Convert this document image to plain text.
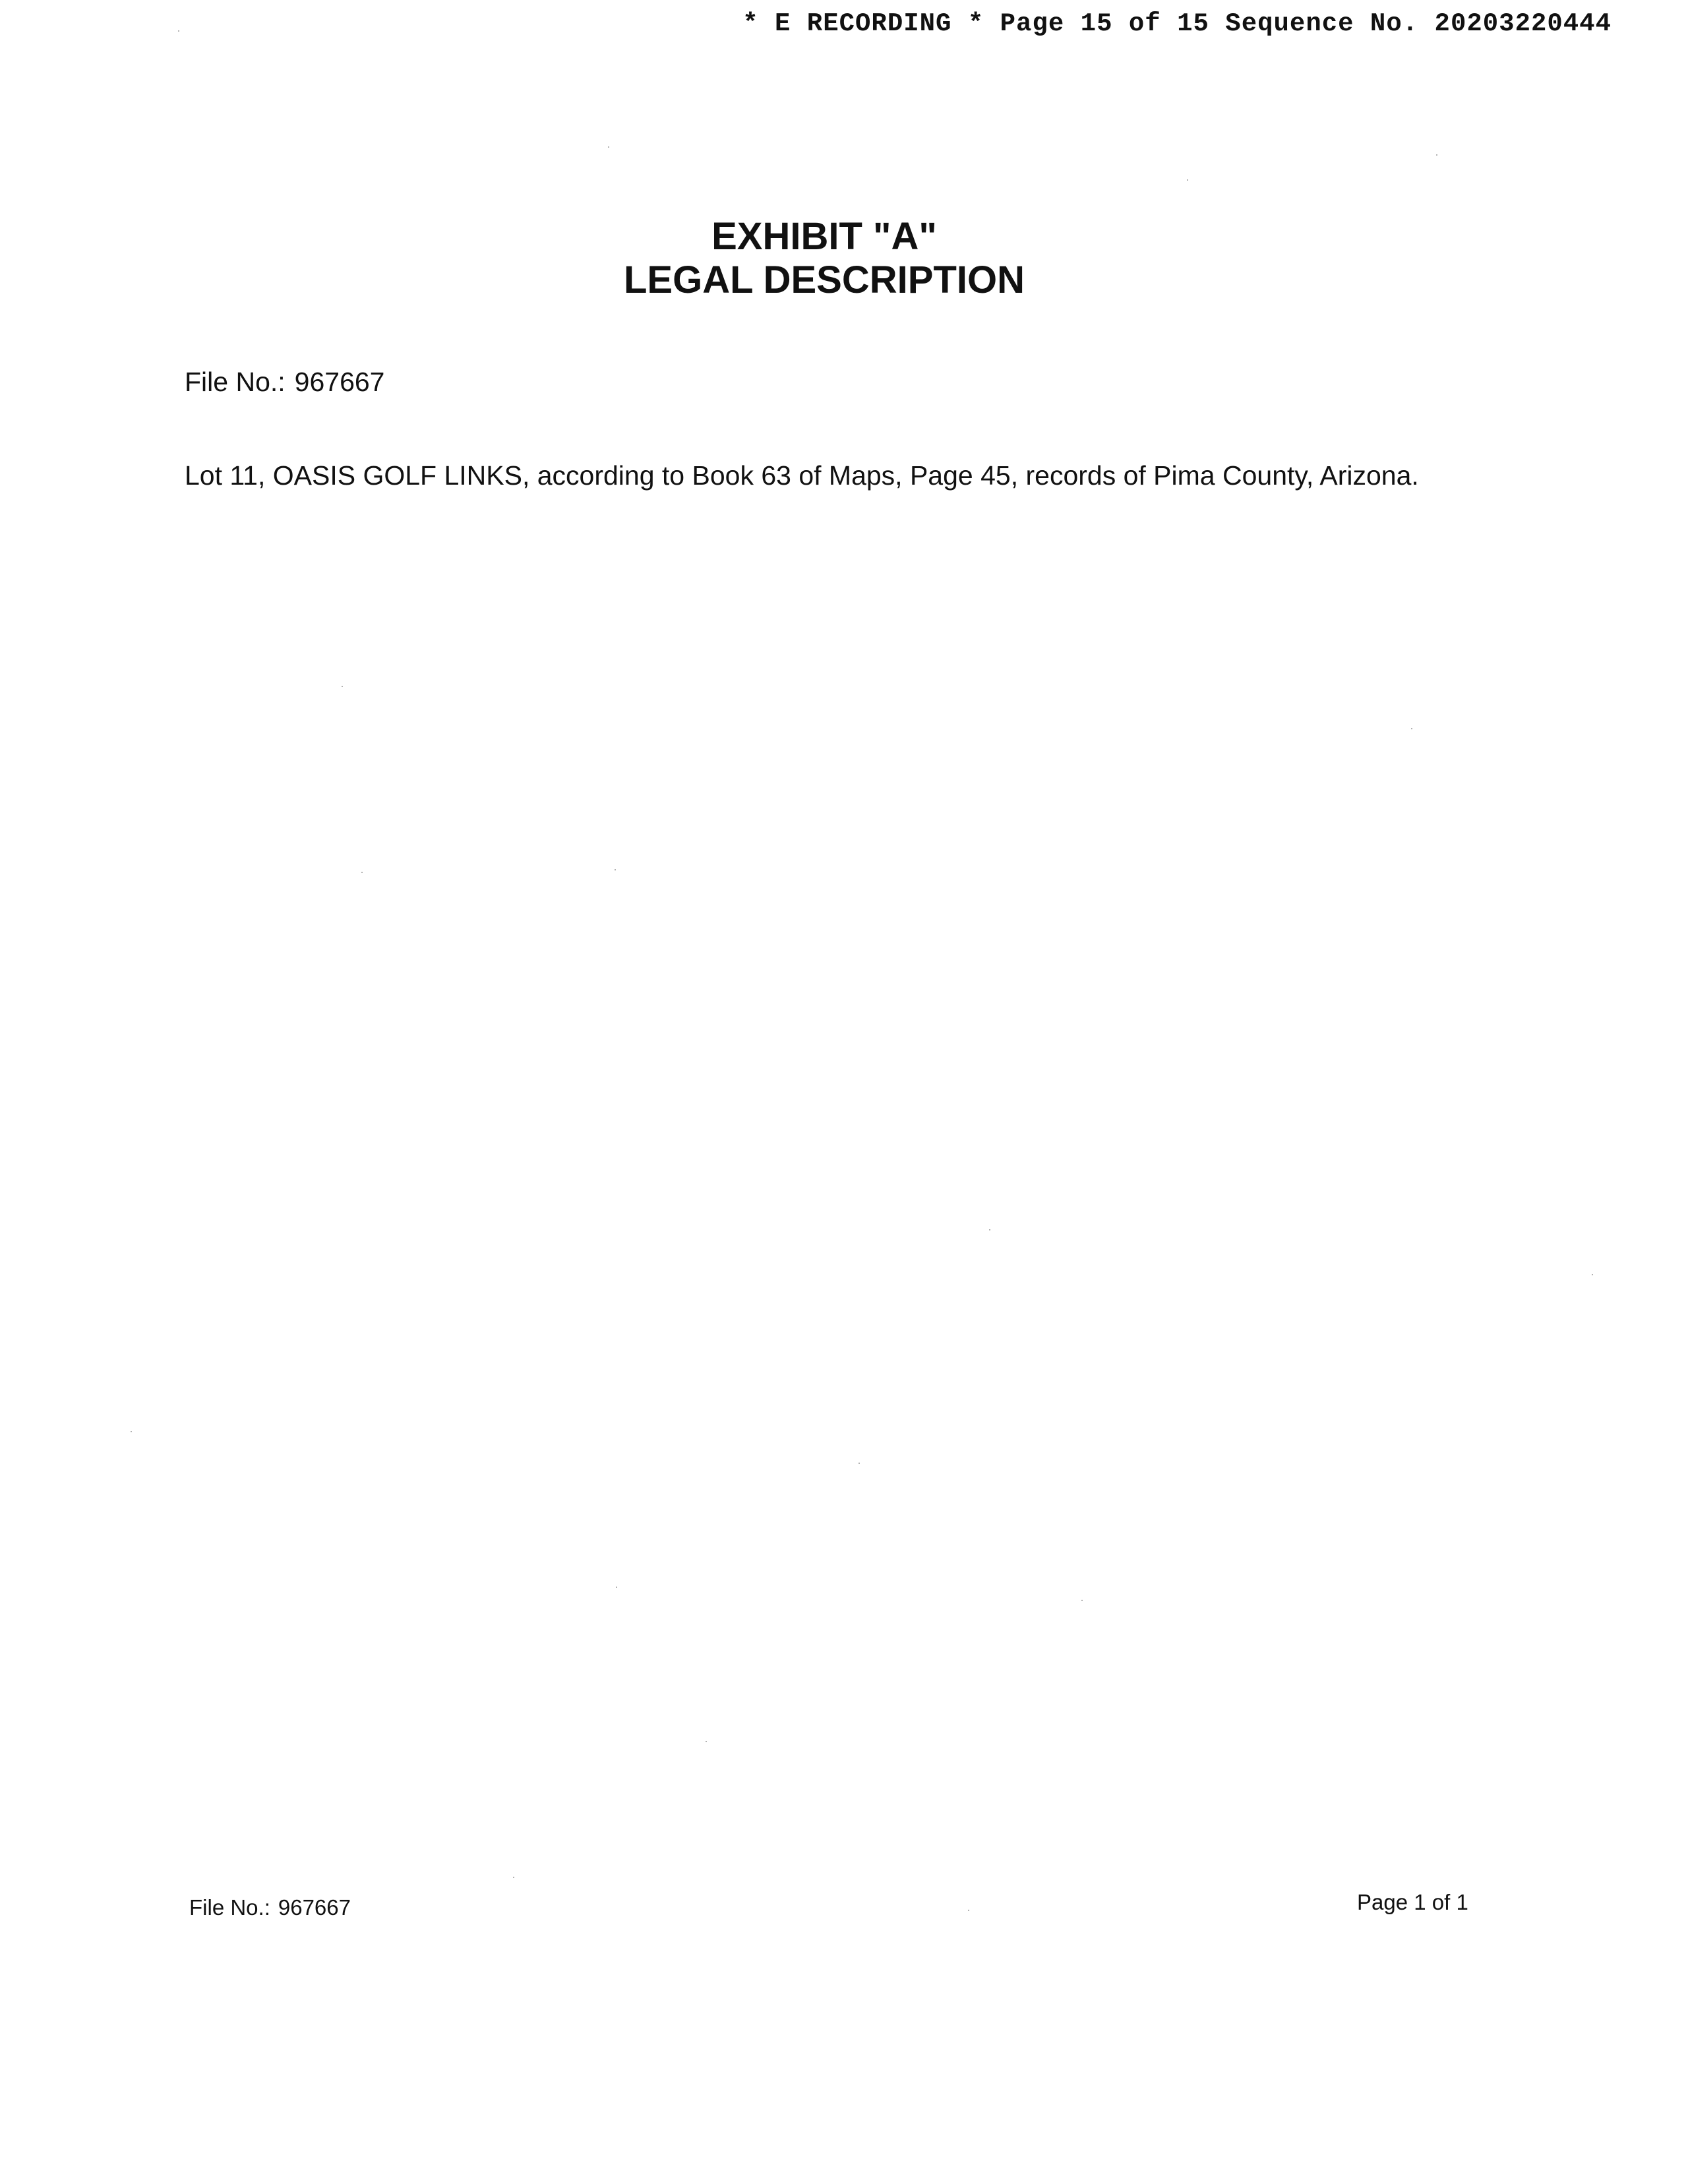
* E RECORDING * Page 15 of 15 Sequence No. 20203220444
EXHIBIT "A"
LEGAL DESCRIPTION
File No.: 967667
Lot 11, OASIS GOLF LINKS, according to Book 63 of Maps, Page 45, records of Pima County, Arizona.
File No.: 967667	Page 1 of 1
